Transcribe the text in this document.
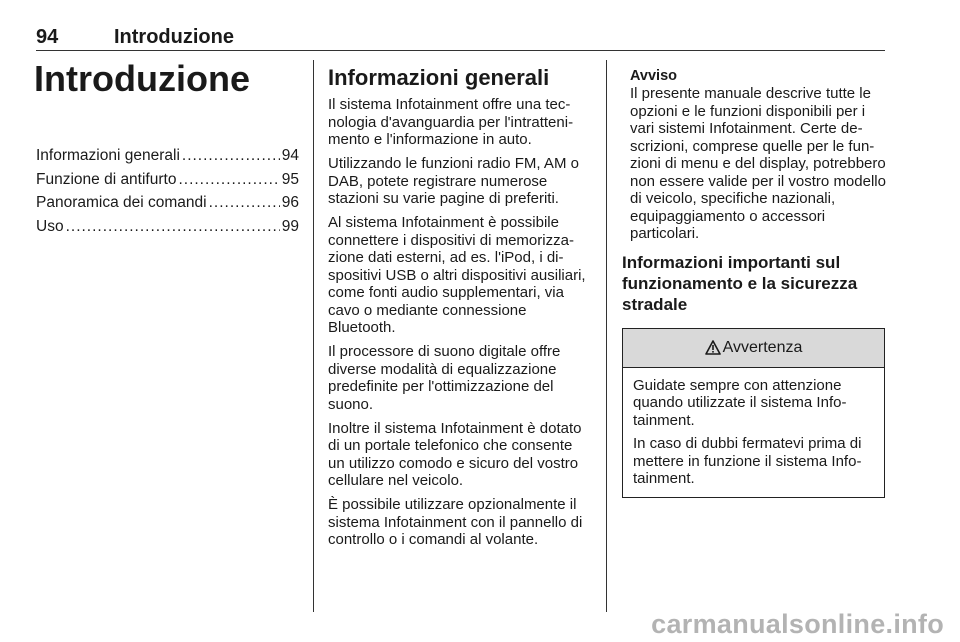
94	Introduzione
Introduzione
Informazioni generali .....	94
Funzione di antifurto .....	95
Panoramica dei comandi .....	96
Uso .....	99
Informazioni generali

Il sistema Infotainment offre una tecnologia d'avanguardia per l'intrattenimento e l'informazione in auto.

Utilizzando le funzioni radio FM, AM o DAB, potete registrare numerose stazioni su varie pagine di preferiti.

Al sistema Infotainment è possibile connettere i dispositivi di memorizzazione dati esterni, ad es. l'iPod, i dispositivi USB o altri dispositivi ausiliari, come fonti audio supplementari, via cavo o mediante connessione Bluetooth.

Il processore di suono digitale offre diverse modalità di equalizzazione predefinite per l'ottimizzazione del suono.

Inoltre il sistema Infotainment è dotato di un portale telefonico che consente un utilizzo comodo e sicuro del vostro cellulare nel veicolo.

È possibile utilizzare opzionalmente il sistema Infotainment con il pannello di controllo o i comandi al volante.

Avviso
Il presente manuale descrive tutte le opzioni e le funzioni disponibili per i vari sistemi Infotainment. Certe descrizioni, comprese quelle per le funzioni di menu e del display, potrebbero non essere valide per il vostro modello di veicolo, specifiche nazionali, equipaggiamento o accessori particolari.
Informazioni importanti sul funzionamento e la sicurezza stradale
Avvertenza

Guidate sempre con attenzione quando utilizzate il sistema Infotainment.

In caso di dubbi fermatevi prima di mettere in funzione il sistema Infotainment.

carmanualsonline.info
